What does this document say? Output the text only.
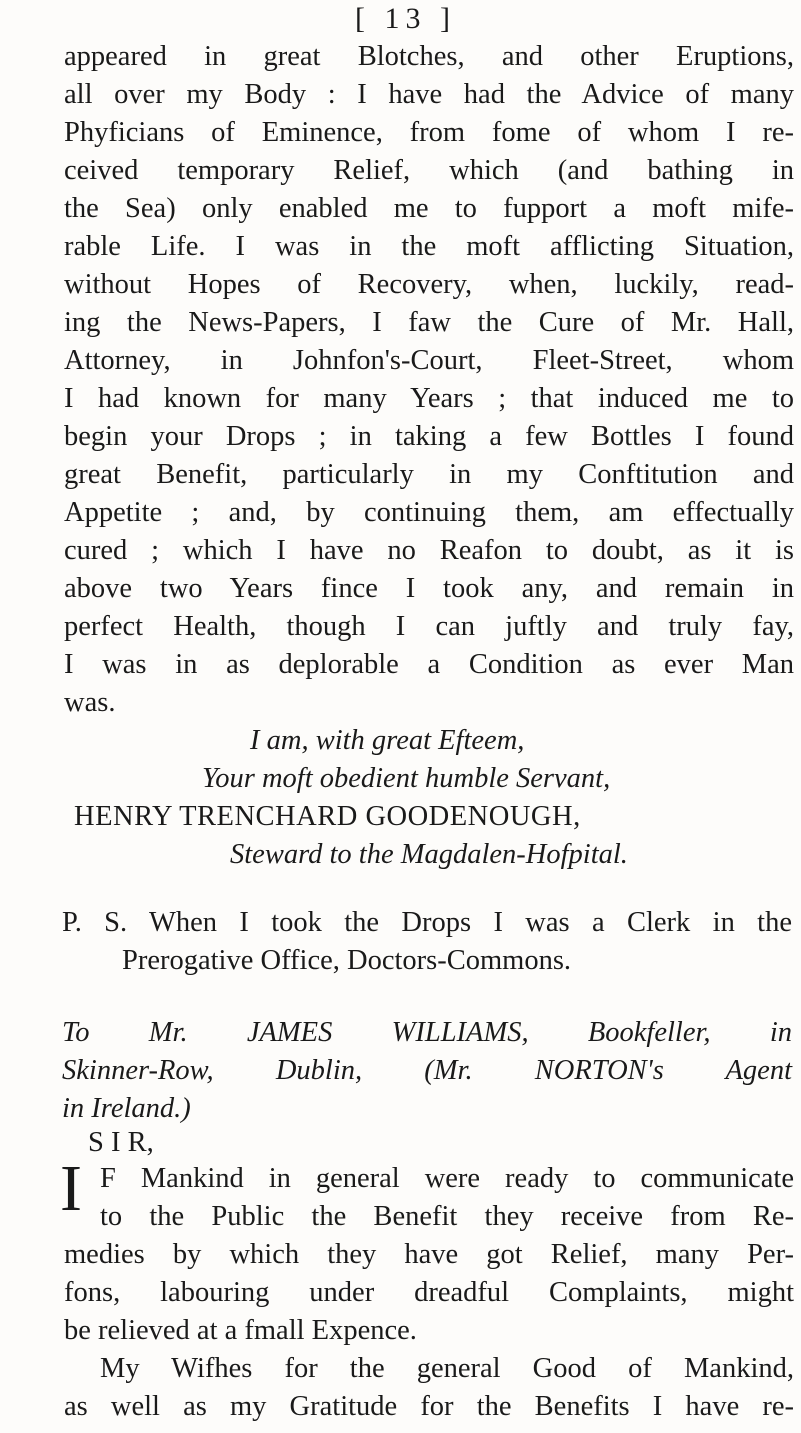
[ 13 ]
appeared in great Blotches, and other Eruptions,
all over my Body : I have had the Advice of many
Phyficians of Eminence, from fome of whom I re-
ceived temporary Relief, which (and bathing in
the Sea) only enabled me to fupport a moft mife-
rable Life. I was in the moft afflicting Situation,
without Hopes of Recovery, when, luckily, read-
ing the News-Papers, I faw the Cure of Mr. Hall,
Attorney, in Johnfon's-Court, Fleet-Street, whom
I had known for many Years ; that induced me to
begin your Drops ; in taking a few Bottles I found
great Benefit, particularly in my Conftitution and
Appetite ; and, by continuing them, am effectually
cured ; which I have no Reafon to doubt, as it is
above two Years fince I took any, and remain in
perfect Health, though I can juftly and truly fay,
I was in as deplorable a Condition as ever Man
was.
I am, with great Efteem,
Your moft obedient humble Servant,
HENRY TRENCHARD GOODENOUGH,
Steward to the Magdalen-Hofpital.
P. S. When I took the Drops I was a Clerk in the
Prerogative Office, Doctors-Commons.
To Mr. JAMES WILLIAMS, Bookfeller, in
Skinner-Row, Dublin, (Mr. NORTON's Agent
in Ireland.)
S I R,
I F Mankind in general were ready to communicate
to the Public the Benefit they receive from Re-
medies by which they have got Relief, many Per-
fons, labouring under dreadful Complaints, might
be relieved at a fmall Expence.
My Wifhes for the general Good of Mankind,
as well as my Gratitude for the Benefits I have re-
